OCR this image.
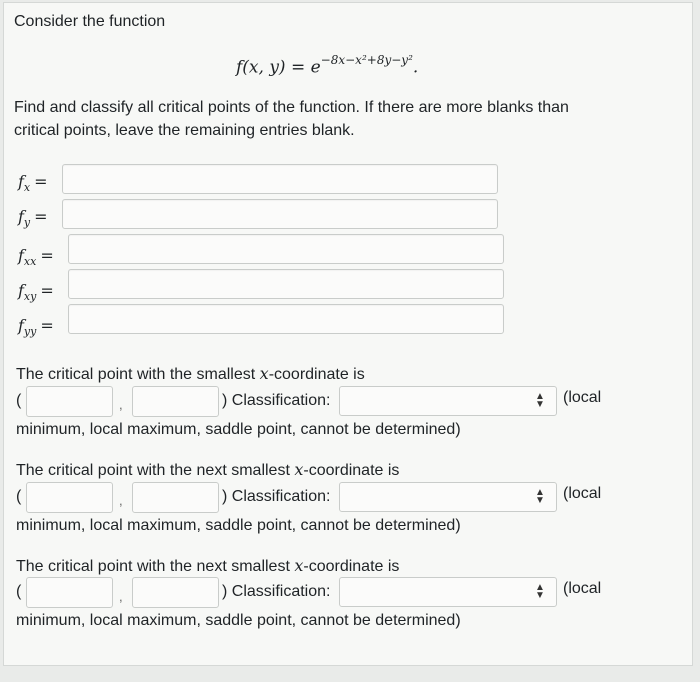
Consider the function
f(x, $y) = e^{-8x-x^2+8y-y^2}$.
Find and classify all critical points of the function. If there are more blanks than
critical points, leave the remaining entries blank.
$f_x$ =
$f_y$ =
$f_{xx}$ =
$f_{xy}$ =
$f_{yy}$ =
The critical point with the smallest x-coordinate is
(	,	) Classification:	▲
▼ (local
minimum, local maximum, saddle point, cannot be determined)
The critical point with the next smallest x-coordinate is
(	,	) Classification:	▲
▼ (local
minimum, local maximum, saddle point, cannot be determined)
The critical point with the next smallest x-coordinate is
(	,	) Classification:	▲
▼ (local
minimum, local maximum, saddle point, cannot be determined)
